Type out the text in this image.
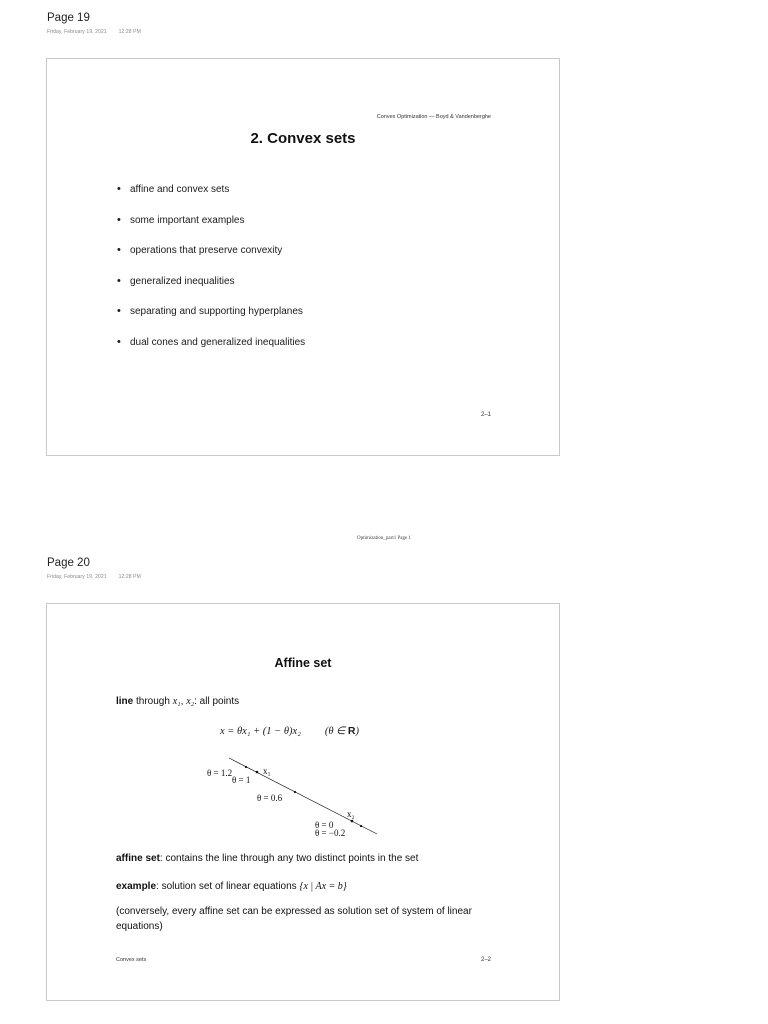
Page 19
Friday, February 19, 2021 12:28 PM
Convex Optimization — Boyd & Vandenberghe
2. Convex sets
• affine and convex sets
• some important examples
• operations that preserve convexity
• generalized inequalities
• separating and supporting hyperplanes
• dual cones and generalized inequalities
2–1
Optimization_part1 Page 1
Page 20
Friday, February 19, 2021 12:28 PM
Affine set
line through x₁, x₂: all points
x = θx₁ + (1 − θ)x₂ (θ ∈ R)
θ = 1.2
θ = 1
x₁
θ = 0.6
x₂
θ = 0
θ = −0.2
affine set: contains the line through any two distinct points in the set
example: solution set of linear equations {x | Ax = b}
(conversely, every affine set can be expressed as solution set of system of linear equations)
Convex sets	2–2
